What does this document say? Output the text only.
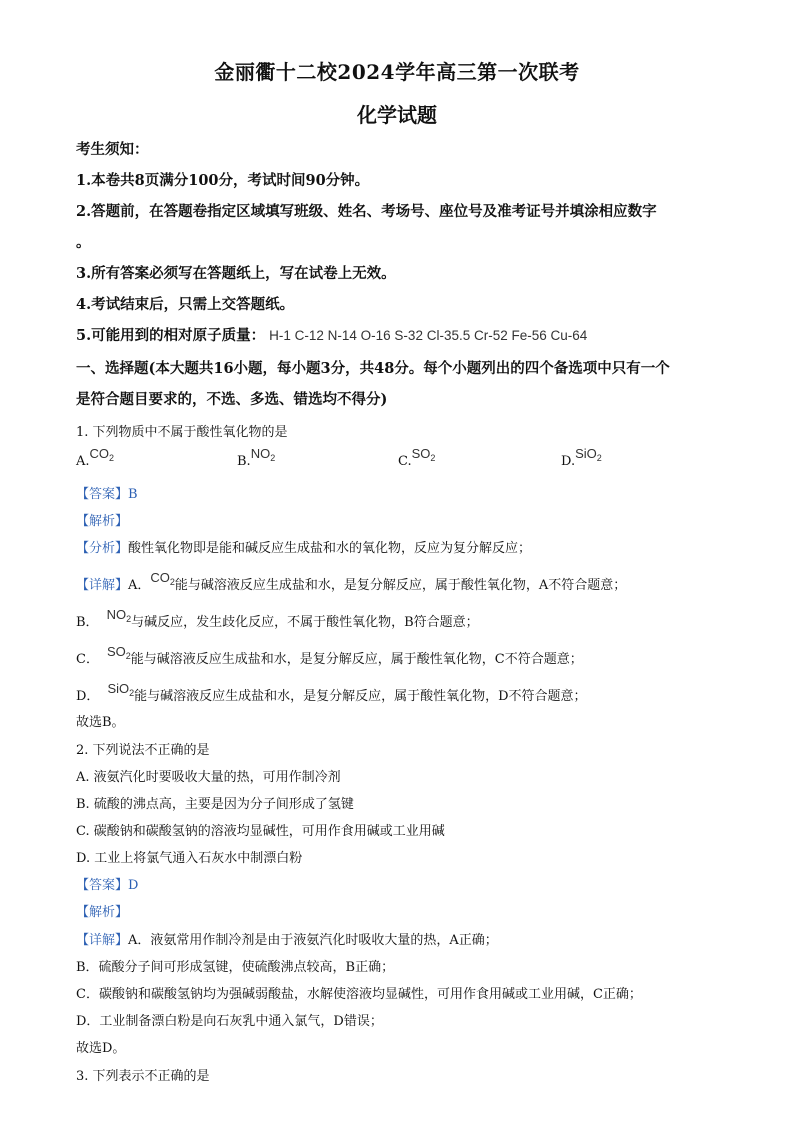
金丽衢十二校2024学年高三第一次联考
化学试题
考生须知：
1.本卷共8页满分100分，考试时间90分钟。
2.答题前，在答题卷指定区域填写班级、姓名、考场号、座位号及准考证号并填涂相应数字
。
3.所有答案必须写在答题纸上，写在试卷上无效。
4.考试结束后，只需上交答题纸。
5.可能用到的相对原子质量： H-1 C-12 N-14 O-16 S-32 Cl-35.5 Cr-52 Fe-56 Cu-64
一、选择题(本大题共16小题，每小题3分，共48分。每个小题列出的四个备选项中只有一个
是符合题目要求的，不选、多选、错选均不得分)
1. 下列物质中不属于酸性氧化物的是
$A.CO_2$	$B.NO_2$	$C.SO_2$	D.SiO$_2$
【答案】B
【解析】
【分析】酸性氧化物即是能和碱反应生成盐和水的氧化物，反应为复分解反应；
【详解】A．$CO_2$能与碱溶液反应生成盐和水，是复分解反应，属于酸性氧化物，A不符合题意；
B．$NO_2$与碱反应，发生歧化反应，不属于酸性氧化物，B符合题意；
C．$SO_2$能与碱溶液反应生成盐和水，是复分解反应，属于酸性氧化物，C不符合题意；
D．SiO$_2$能与碱溶液反应生成盐和水，是复分解反应，属于酸性氧化物，D不符合题意；
故选B。
2. 下列说法不正确的是
A. 液氨汽化时要吸收大量的热，可用作制冷剂
B. 硫酸的沸点高，主要是因为分子间形成了氢键
C. 碳酸钠和碳酸氢钠的溶液均显碱性，可用作食用碱或工业用碱
D. 工业上将氯气通入石灰水中制漂白粉
【答案】D
【解析】
【详解】A．液氨常用作制冷剂是由于液氨汽化时吸收大量的热，A正确；
B．硫酸分子间可形成氢键，使硫酸沸点较高，B正确；
C．碳酸钠和碳酸氢钠均为强碱弱酸盐，水解使溶液均显碱性，可用作食用碱或工业用碱，C正确；
D．工业制备漂白粉是向石灰乳中通入氯气，D错误；
故选D。
3. 下列表示不正确的是
